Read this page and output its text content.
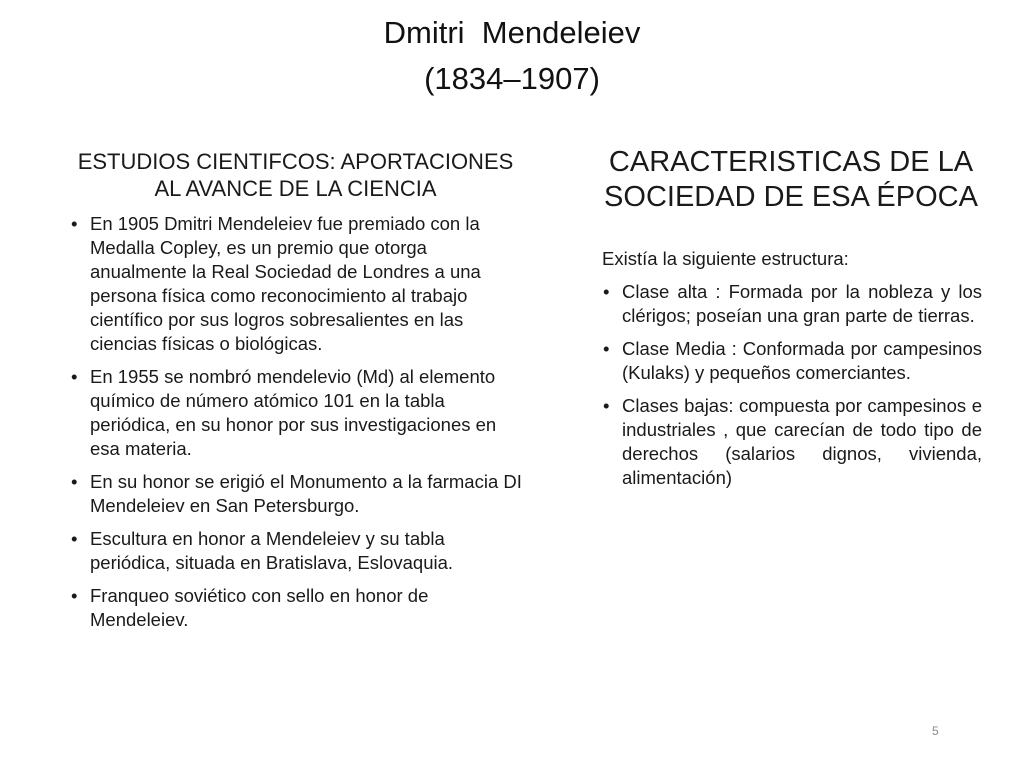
Dmitri  Mendeleiev
(1834–1907)
ESTUDIOS CIENTIFCOS: APORTACIONES AL AVANCE DE LA CIENCIA
• En 1905 Dmitri Mendeleiev fue premiado con la Medalla Copley, es un premio que otorga anualmente la Real Sociedad de Londres a una persona física como reconocimiento al trabajo científico por sus logros sobresalientes en las ciencias físicas o biológicas.
• En 1955 se nombró mendelevio (Md) al elemento químico de número atómico 101 en la tabla periódica, en su honor por sus investigaciones en esa materia.
• En su honor se erigió el Monumento a la farmacia DI Mendeleiev en San Petersburgo.
• Escultura en honor a Mendeleiev y su tabla periódica, situada en Bratislava, Eslovaquia.
• Franqueo soviético con sello en honor de Mendeleiev.
CARACTERISTICAS DE LA SOCIEDAD DE ESA ÉPOCA
Existía la siguiente estructura:
• Clase alta : Formada por la nobleza y los clérigos; poseían una gran parte de tierras.
• Clase Media : Conformada por campesinos (Kulaks) y pequeños comerciantes.
• Clases bajas: compuesta por campesinos e industriales , que carecían de todo tipo de derechos (salarios dignos, vivienda, alimentación)
5
